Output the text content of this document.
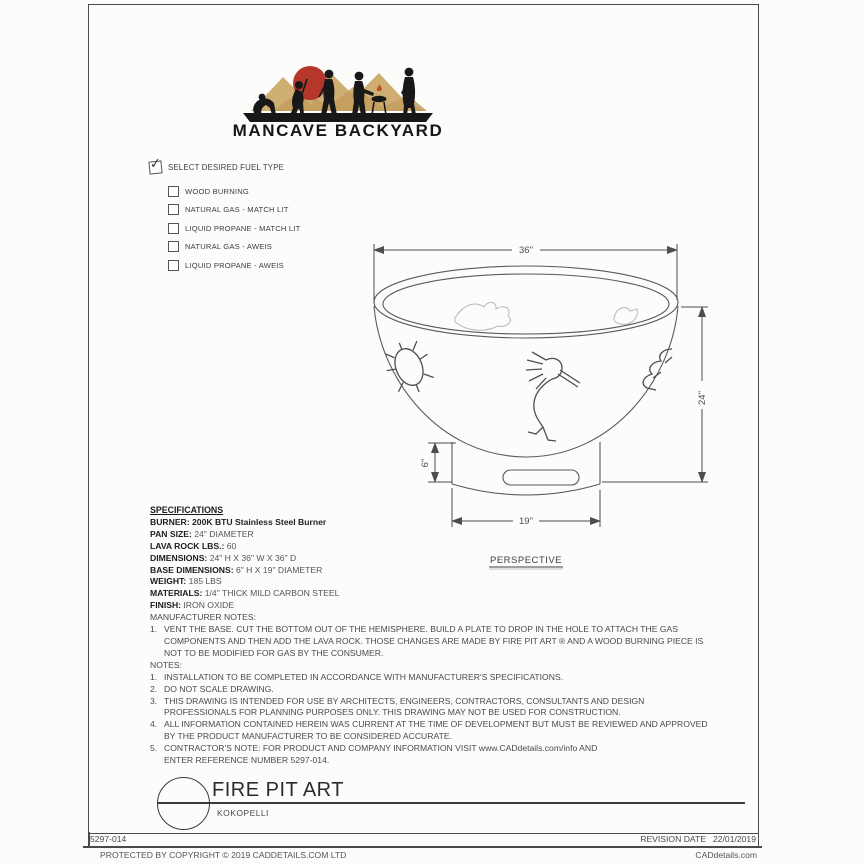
MANCAVE BACKYARD
✓ SELECT DESIRED FUEL TYPE
WOOD BURNING
NATURAL GAS - MATCH LIT
LIQUID PROPANE - MATCH LIT
NATURAL GAS - AWEIS
LIQUID PROPANE - AWEIS
36"
24"
6"
19"
PERSPECTIVE
SPECIFICATIONS
BURNER: 200K BTU Stainless Steel Burner
PAN SIZE: 24" DIAMETER
LAVA ROCK LBS.: 60
DIMENSIONS: 24" H X 36" W X 36" D
BASE DIMENSIONS: 6" H X 19" DIAMETER
WEIGHT: 185 LBS
MATERIALS: 1/4" THICK MILD CARBON STEEL
FINISH: IRON OXIDE
MANUFACTURER NOTES:
1. VENT THE BASE. CUT THE BOTTOM OUT OF THE HEMISPHERE. BUILD A PLATE TO DROP IN THE HOLE TO ATTACH THE GAS COMPONENTS AND THEN ADD THE LAVA ROCK. THOSE CHANGES ARE MADE BY FIRE PIT ART ® AND A WOOD BURNING PIECE IS NOT TO BE MODIFIED FOR GAS BY THE CONSUMER.
NOTES:
1. INSTALLATION TO BE COMPLETED IN ACCORDANCE WITH MANUFACTURER'S SPECIFICATIONS.
2. DO NOT SCALE DRAWING.
3. THIS DRAWING IS INTENDED FOR USE BY ARCHITECTS, ENGINEERS, CONTRACTORS, CONSULTANTS AND DESIGN PROFESSIONALS FOR PLANNING PURPOSES ONLY. THIS DRAWING MAY NOT BE USED FOR CONSTRUCTION.
4. ALL INFORMATION CONTAINED HEREIN WAS CURRENT AT THE TIME OF DEVELOPMENT BUT MUST BE REVIEWED AND APPROVED BY THE PRODUCT MANUFACTURER TO BE CONSIDERED ACCURATE.
5. CONTRACTOR'S NOTE: FOR PRODUCT AND COMPANY INFORMATION VISIT www.CADdetails.com/info AND ENTER REFERENCE NUMBER 5297-014.
FIRE PIT ART
KOKOPELLI
5297-014	REVISION DATE 22/01/2019
PROTECTED BY COPYRIGHT © 2019 CADDETAILS.COM LTD	CADdetails.com
